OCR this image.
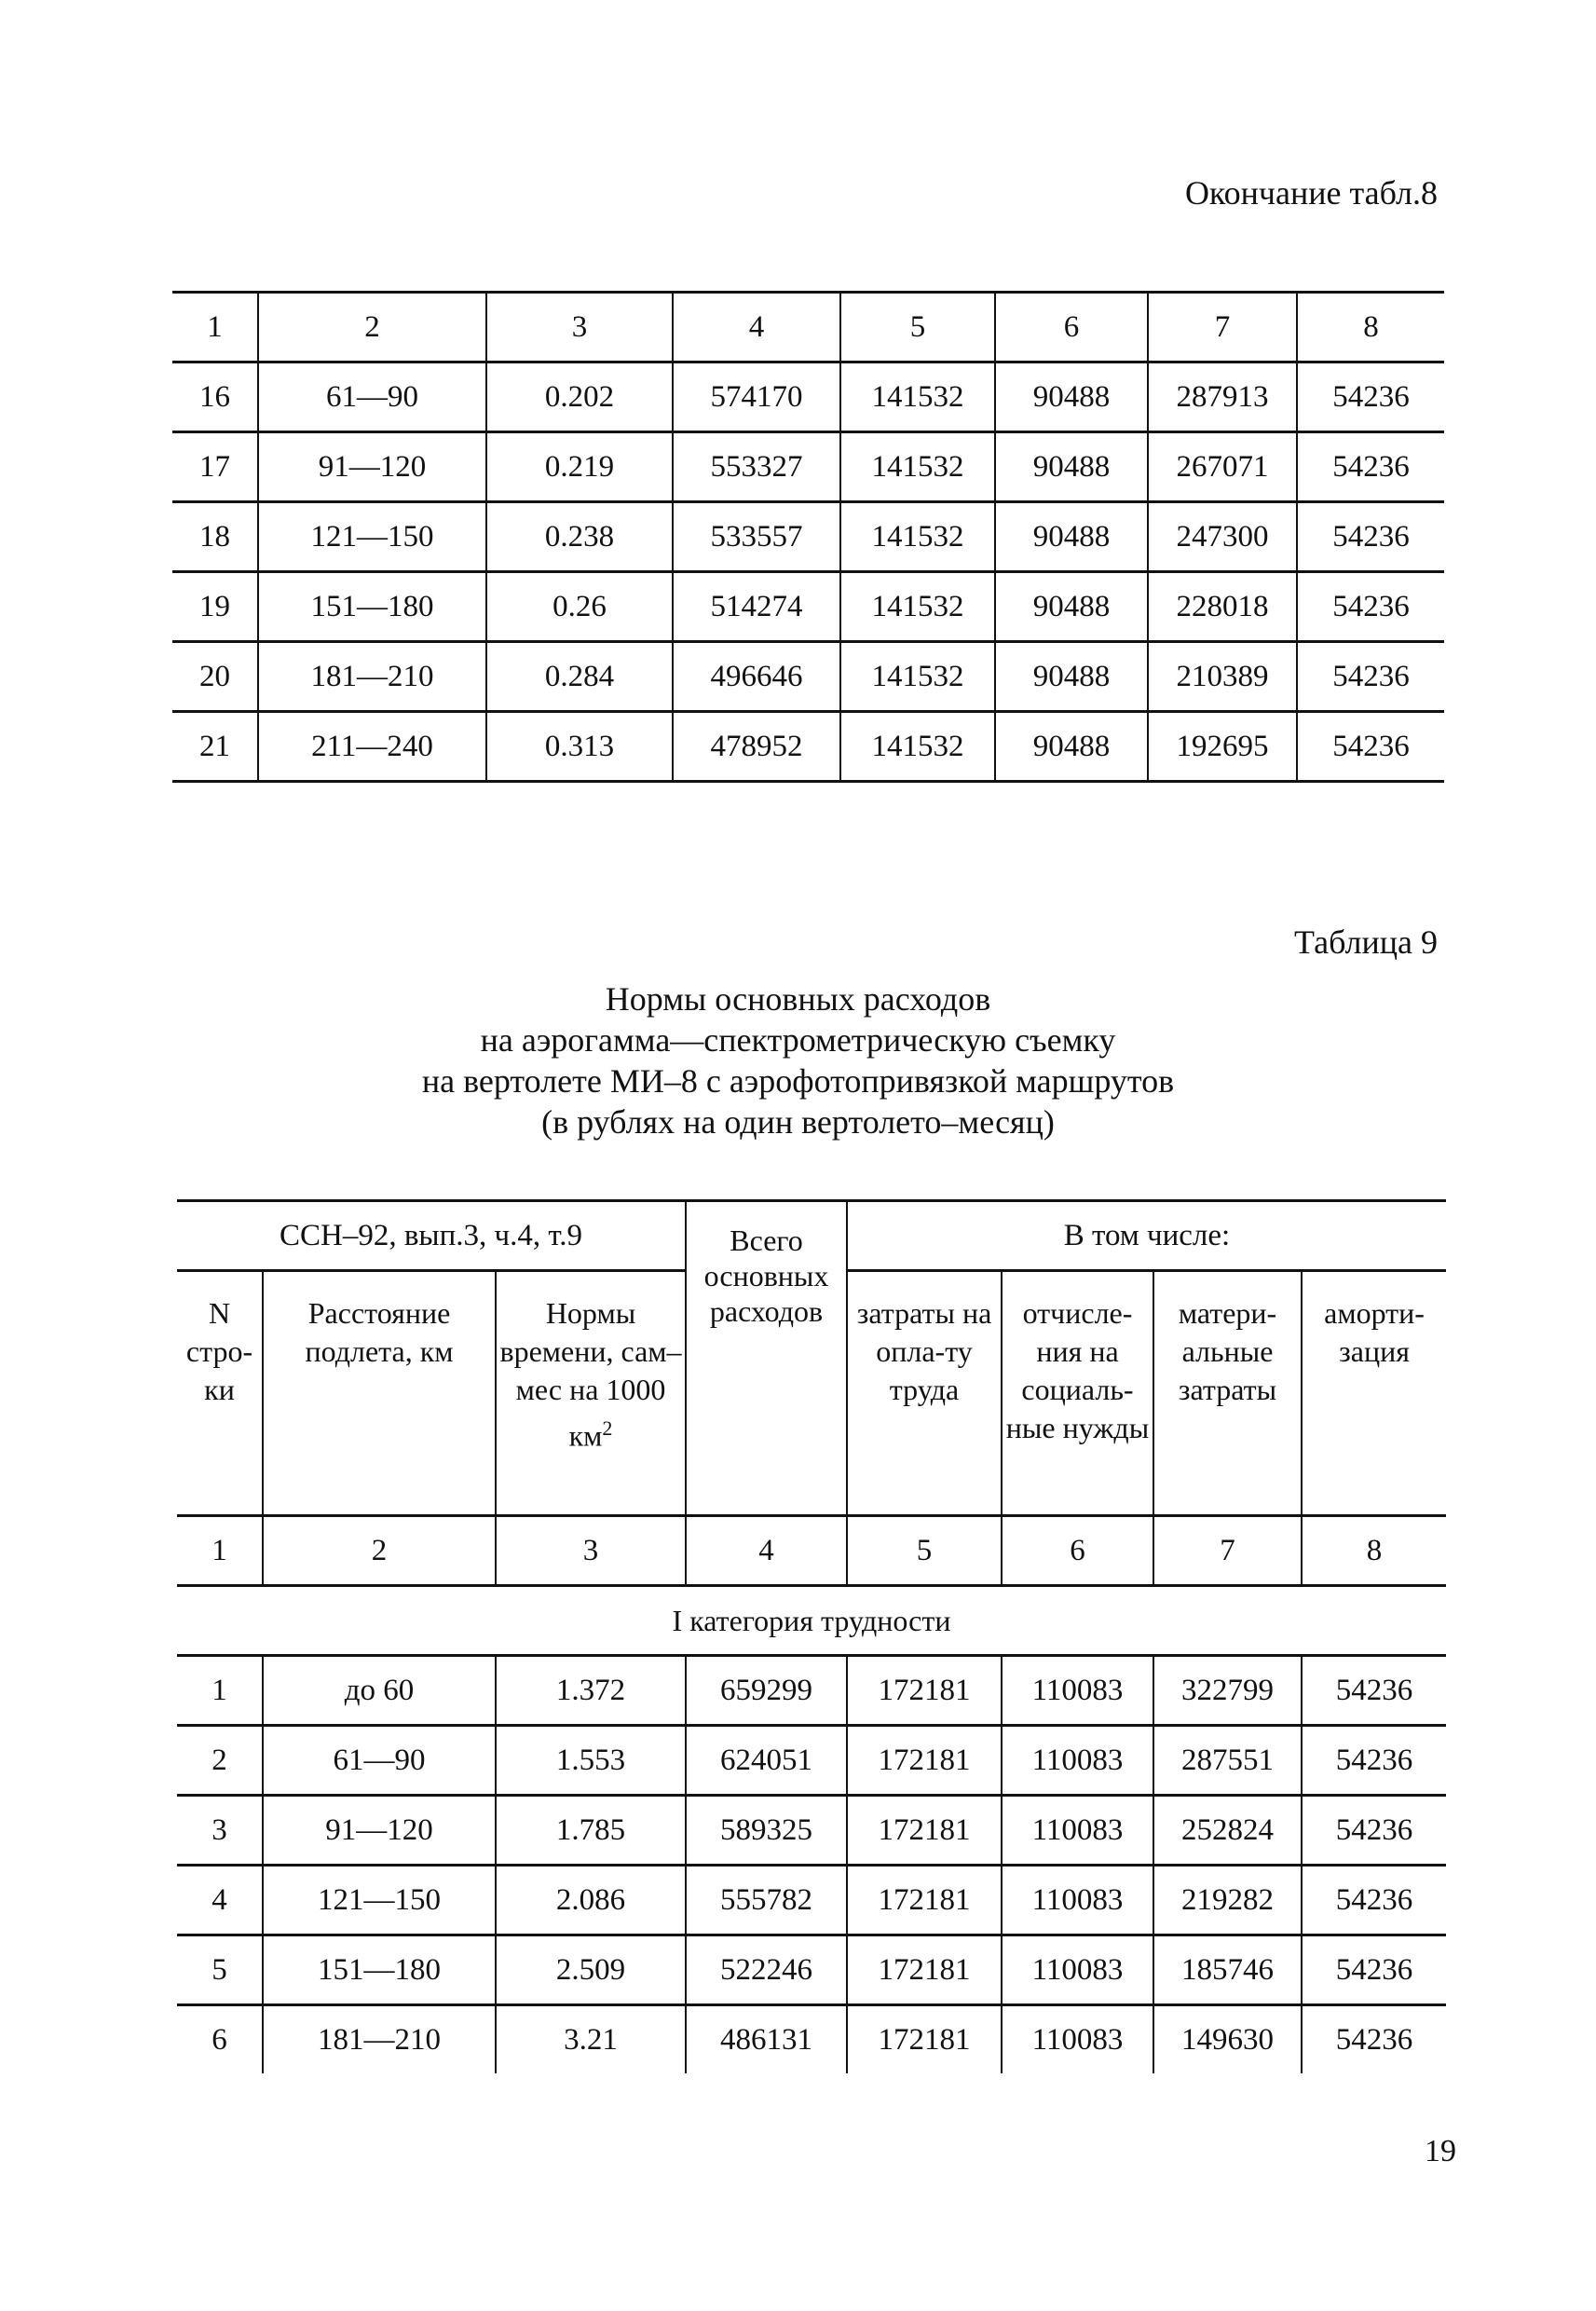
Окончание табл.8
1	2	3	4	5	6	7	8
16	61—90	0.202	574170	141532	90488	287913	54236
17	91—120	0.219	553327	141532	90488	267071	54236
18	121—150	0.238	533557	141532	90488	247300	54236
19	151—180	0.26	514274	141532	90488	228018	54236
20	181—210	0.284	496646	141532	90488	210389	54236
21	211—240	0.313	478952	141532	90488	192695	54236
Таблица 9
Нормы основных расходов
на аэрогамма—спектрометрическую съемку
на вертолете МИ–8 с аэрофотопривязкой маршрутов
(в рублях на один вертолето–месяц)
ССН–92, вып.3, ч.4, т.9			Всего основных расходов	В том числе:			
N стро-ки	Расстояние подлета, км	Нормы времени, сам–мес на 1000 $км^2$		затраты на опла-ту труда	отчисле-ния на социаль-ные нужды	матери-альные затраты	аморти-зация
1	2	3	4	5	6	7	8
I категория трудности							
1	до 60	1.372	659299	172181	110083	322799	54236
2	61—90	1.553	624051	172181	110083	287551	54236
3	91—120	1.785	589325	172181	110083	252824	54236
4	121—150	2.086	555782	172181	110083	219282	54236
5	151—180	2.509	522246	172181	110083	185746	54236
6	181—210	3.21	486131	172181	110083	149630	54236
19
